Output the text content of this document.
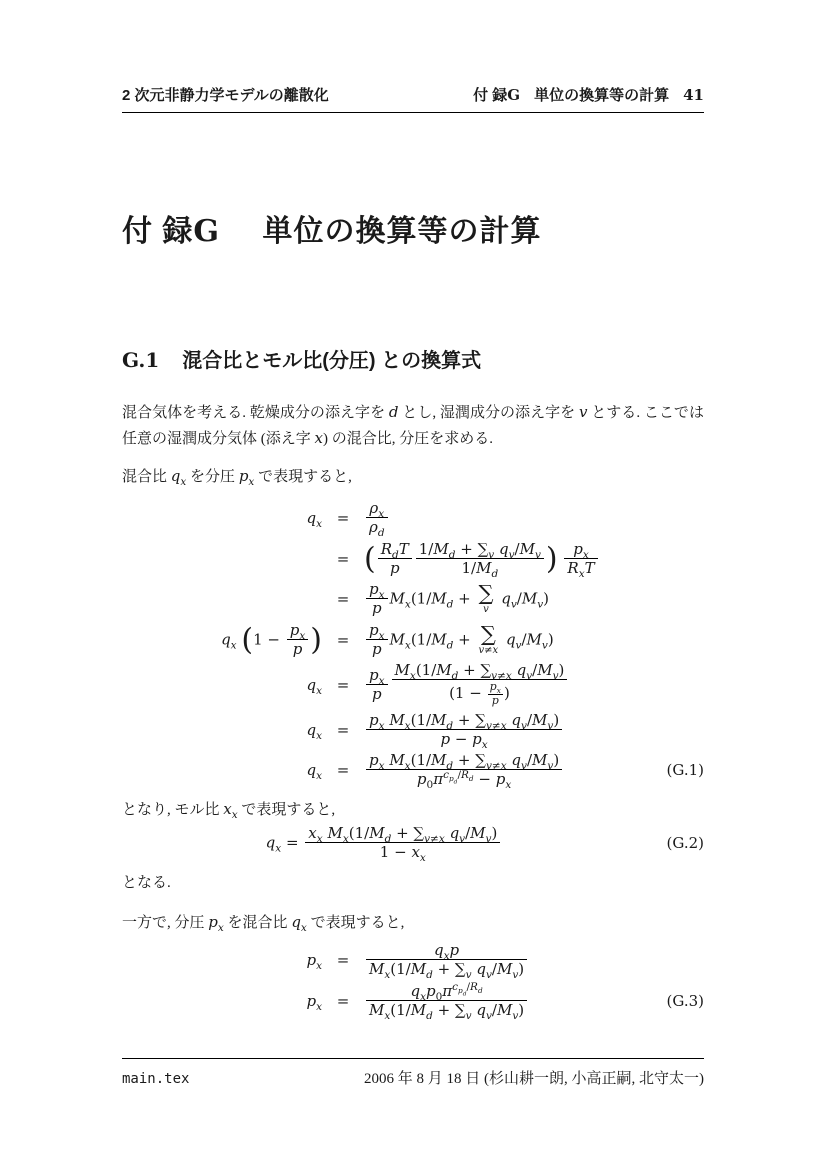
2 次元非静力学モデルの離散化	付 録G 単位の換算等の計算 41
付 録G 単位の換算等の計算
G.1 混合比とモル比(分圧) との換算式

混合気体を考える. 乾燥成分の添え字を d とし, 湿潤成分の添え字を v とする. ここでは任意の湿潤成分気体 (添え字 x) の混合比, 分圧を求める.

混合比 $q_x$ を分圧 $p_x$ で表現すると,
$q_x$	=	$\frac{\rho_x}{\rho_d}$

	=	( $\frac{R_dT}{p} \frac{1/M_d + \sum_v q_v/M_v}{1/M_d}$ ) $\frac{p_x}{R_xT}$

	=	$\frac{p_x}{p} M_x(1/M_d$ + ∑
v
$q_v/M_v$)	
$q_x$ ($1 - \frac{p_x}{p}$ )	=	$\frac{p_x}{p} M_x(1/M_d$ + ∑
v≠x
$q_v/M_v$)	
$q_x$	=	$\frac{p_x}{p} \frac{M_x(1/M_d + \sum_{v\ne x} q_v/M_v)}{(1 - \frac{p_x}{p} )}$

$q_x$	=	$\frac{p_x M_x(1/M_d + \sum_{v\ne x} q_v/M_v)}{p - p_x}$

$q_x$	=	$\frac{p_x M_x(1/M_d + \sum_{v\ne x} q_v/M_v)}{p_0\pi^{c_{p_d}/R_d} - p_x}$	(G.1)
となり, モル比 $x_x$ で表現すると,
$q_x = \frac{x_x M_x(1/M_d + \sum_{v\ne x} q_v/M_v)}{1 - x_x}$	(G.2)
となる.
一方で, 分圧 $p_x$ を混合比 $q_x$ で表現すると,
$p_x$	=	$\frac{q_xp}{M_x(1/M_d + \sum_v q_v/M_v)}$

$p_x$	=	$\frac{q_xp_0\pi^{c_{p_d}/R_d}}{M_x(1/M_d + \sum_v q_v/M_v)}$	(G.3)
main.tex	2006 年 8 月 18 日 (杉山耕一朗, 小高正嗣, 北守太一)
